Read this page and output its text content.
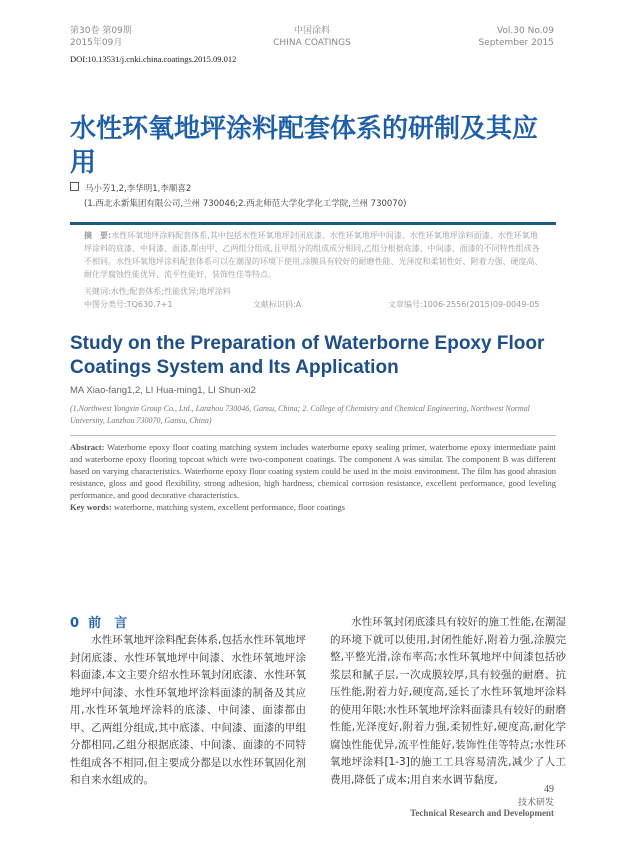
第30卷 第09期
2015年09月
中国涂料
CHINA COATINGS
Vol.30 No.09
September 2015
DOI:10.13531/j.cnki.china.coatings.2015.09.012
水性环氧地坪涂料配套体系的研制及其应用
马小芳1,2,李华明1,李顺喜2
(1.西北永新集团有限公司,兰州 730046;2.西北师范大学化学化工学院,兰州 730070)
摘　要:水性环氧地坪涂料配套体系,其中包括水性环氧地坪封闭底漆、水性环氧地坪中间漆、水性环氧地坪涂料面漆、水性环氧地坪涂料的底漆、中间漆、面漆,都由甲、乙两组分组成,且甲组分的组成成分相同,乙组分根据底漆、中间漆、面漆的不同特性组成各不相同。水性环氧地坪涂料配套体系可以在潮湿的环境下使用,涂膜具有较好的耐磨性能、光泽度和柔韧性好、附着力强、硬度高、耐化学腐蚀性能优异、流平性能好、装饰性佳等特点。
关键词:水性;配套体系;性能优异;地坪涂料
中图分类号:TQ630.7+1	文献标识码:A	文章编号:1006-2556(2015)09-0049-05
Study on the Preparation of Waterborne Epoxy Floor Coatings System and Its Application
MA Xiao-fang1,2, LI Hua-ming1, LI Shun-xi2
(1.Northwest Yongxin Group Co., Ltd., Lanzhou 730046, Gansu, China; 2. College of Chemistry and Chemical Engineering, Northwest Normal University, Lanzhou 730070, Gansu, China)
Abstract: Waterborne epoxy floor coating matching system includes waterborne epoxy sealing primer, waterborne epoxy intermediate paint and waterborne epoxy flooring topcoat which were two-component coatings. The component A was similar. The component B was different based on varying characteristics. Waterborne epoxy floor coating system could be used in the moist environment. The film has good abrasion resistance, gloss and good flexibility, strong adhesion, high hardness, chemical corrosion resistance, excellent performance, good leveling performance, and good decorative characteristics.
Key words: waterborne, matching system, excellent performance, floor coatings
0 前　言
　　水性环氧地坪涂料配套体系,包括水性环氧地坪封闭底漆、水性环氧地坪中间漆、水性环氧地坪涂料面漆,本文主要介绍水性环氧封闭底漆、水性环氧地坪中间漆、水性环氧地坪涂料面漆的制备及其应用,水性环氧地坪涂料的底漆、中间漆、面漆都由甲、乙两组分组成,其中底漆、中间漆、面漆的甲组分都相同,乙组分根据底漆、中间漆、面漆的不同特性组成各不相同,但主要成分都是以水性环氧固化剂和自来水组成的。
　　水性环氧封闭底漆具有较好的施工性能,在潮湿的环境下就可以使用,封闭性能好,附着力强,涂膜完整,平整光滑,涂布率高;水性环氧地坪中间漆包括砂浆层和腻子层,一次成膜较厚,具有较强的耐磨、抗压性能,附着力好,硬度高,延长了水性环氧地坪涂料的使用年限;水性环氧地坪涂料面漆具有较好的耐磨性能,光泽度好,附着力强,柔韧性好,硬度高,耐化学腐蚀性能优异,流平性能好,装饰性佳等特点;水性环氧地坪涂料[1-3]的施工工具容易清洗,减少了人工费用,降低了成本;用自来水调节黏度,
49
技术研发
Technical Research and Development
